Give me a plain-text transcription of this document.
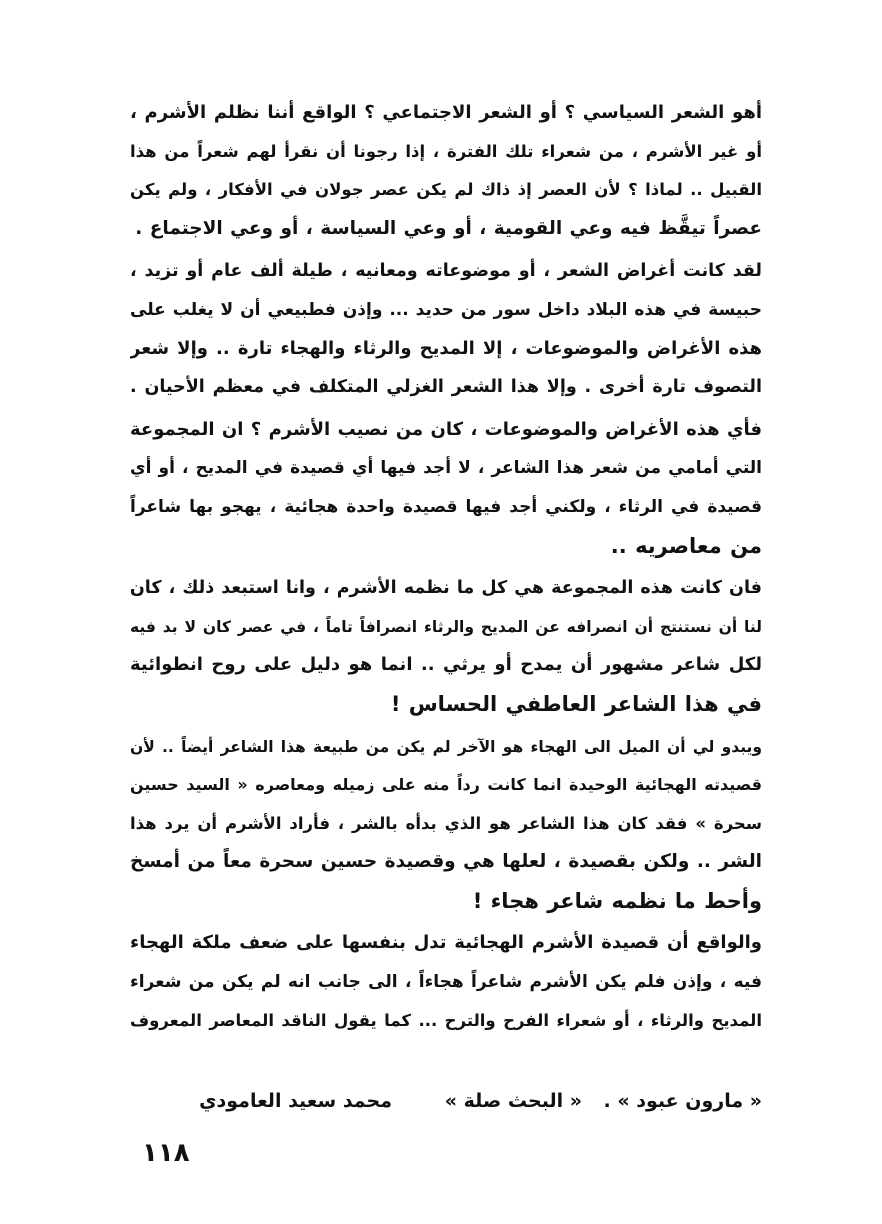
أهو الشعر السياسي ؟ أو الشعر الاجتماعي ؟ الواقع أننا نظلم الأشرم ،
أو غير الأشرم ، من شعراء تلك الفترة ، إذا رجونا أن نقرأ لهم شعراً من هذا
القبيل .. لماذا ؟ لأن العصر إذ ذاك لم يكن عصر جولان في الأفكار ، ولم يكن
عصراً تيقَّظ فيه وعي القومية ، أو وعي السياسة ، أو وعي الاجتماع .

لقد كانت أغراض الشعر ، أو موضوعاته ومعانيه ، طيلة ألف عام أو تزيد ،
حبيسة في هذه البلاد داخل سور من حديد ... وإذن فطبيعي أن لا يغلب على
هذه الأغراض والموضوعات ، إلا المديح والرثاء والهجاء تارة .. وإلا شعر
التصوف تارة أخرى . وإلا هذا الشعر الغزلي المتكلف في معظم الأحيان .

فأي هذه الأغراض والموضوعات ، كان من نصيب الأشرم ؟ ان المجموعة
التي أمامي من شعر هذا الشاعر ، لا أجد فيها أي قصيدة في المديح ، أو أي
قصيدة في الرثاء ، ولكني أجد فيها قصيدة واحدة هجائية ، يهجو بها شاعراً
من معاصريه ..

فان كانت هذه المجموعة هي كل ما نظمه الأشرم ، وانا استبعد ذلك ، كان
لنا أن نستنتج أن انصرافه عن المديح والرثاء انصرافاً تاماً ، في عصر كان لا بد فيه
لكل شاعر مشهور أن يمدح أو يرثي .. انما هو دليل على روح انطوائية
في هذا الشاعر العاطفي الحساس !

ويبدو لي أن الميل الى الهجاء هو الآخر لم يكن من طبيعة هذا الشاعر أيضاً .. لأن
قصيدته الهجائية الوحيدة انما كانت رداً منه على زميله ومعاصره « السيد حسين
سحرة » فقد كان هذا الشاعر هو الذي بدأه بالشر ، فأراد الأشرم أن يرد هذا
الشر .. ولكن بقصيدة ، لعلها هي وقصيدة حسين سحرة معاً من أمسخ
وأحط ما نظمه شاعر هجاء !

والواقع أن قصيدة الأشرم الهجائية تدل بنفسها على ضعف ملكة الهجاء
فيه ، وإذن فلم يكن الأشرم شاعراً هجاءاً ، الى جانب انه لم يكن من شعراء
المديح والرثاء ، أو شعراء الفرح والترح ... كما يقول الناقد المعاصر المعروف

« مارون عبود » .
« البحث صلة »
محمد سعيد العامودي
١١٨
